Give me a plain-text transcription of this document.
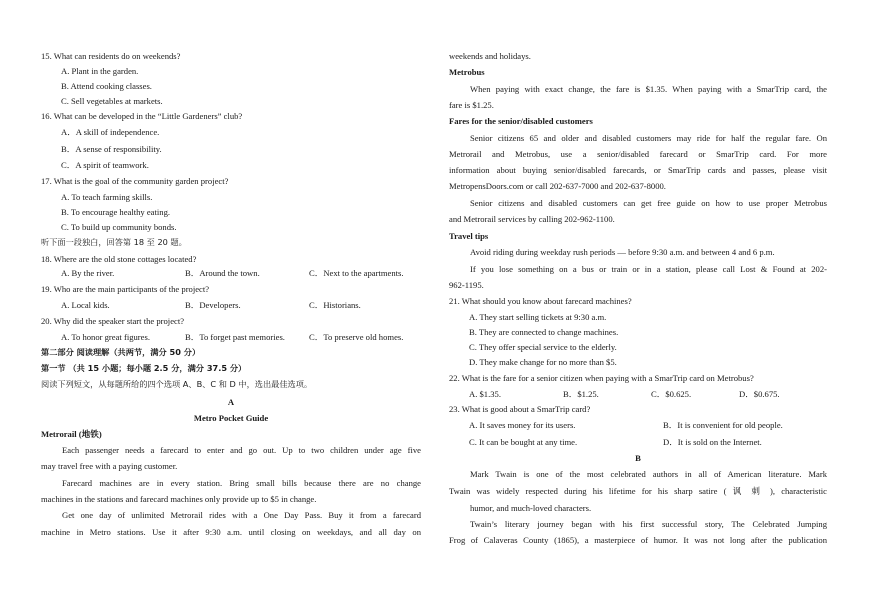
15. What can residents do on weekends?
A. Plant in the garden.
B. Attend cooking classes.
C. Sell vegetables at markets.
16. What can be developed in the “Little Gardeners” club?
A．A skill of independence.
B．A sense of responsibility.
C．A spirit of teamwork.
17. What is the goal of the community garden project?
A. To teach farming skills.
B. To encourage healthy eating.
C. To build up community bonds.
听下面一段独白，回答第 18 至 20 题。
18. Where are the old stone cottages located?
A. By the river.	B．Around the town.	C．Next to the apartments.
19. Who are the main participants of the project?
A. Local kids.	B．Developers.	C．Historians.
20. Why did the speaker start the project?
A. To honor great figures.	B．To forget past memories.	C．To preserve old homes.
第二部分 阅读理解（共两节，满分 50 分）
第一节 （共 15 小题；每小题 2.5 分，满分 37.5 分）
阅读下列短文，从每题所给的四个选项 A、B、C 和 D 中，选出最佳选项。
A
Metro Pocket Guide
Metrorail (地铁)
Each passenger needs a farecard to enter and go out. Up to two children under age five
may travel free with a paying customer.
Farecard machines are in every station. Bring small bills because there are no change
machines in the stations and farecard machines only provide up to $5 in change.
Get one day of unlimited Metrorail rides with a One Day Pass. Buy it from a farecard
machine in Metro stations. Use it after 9:30 a.m. until closing on weekdays, and all day on
weekends and holidays.
Metrobus
When paying with exact change, the fare is $1.35. When paying with a SmarTrip card, the
fare is $1.25.
Fares for the senior/disabled customers
Senior citizens 65 and older and disabled customers may ride for half the regular fare. On
Metrorail and Metrobus, use a senior/disabled farecard or SmarTrip card. For more
information about buying senior/disabled farecards, or SmarTrip cards and passes, please visit
MetropensDoors.com or call 202-637-7000 and 202-637-8000.
Senior citizens and disabled customers can get free guide on how to use proper Metrobus
and Metrorail services by calling 202-962-1100.
Travel tips
Avoid riding during weekday rush periods — before 9:30 a.m. and between 4 and 6 p.m.
If you lose something on a bus or train or in a station, please call Lost & Found at 202-
962-1195.
21. What should you know about farecard machines?
A. They start selling tickets at 9:30 a.m.
B. They are connected to change machines.
C. They offer special service to the elderly.
D. They make change for no more than $5.
22. What is the fare for a senior citizen when paying with a SmarTrip card on Metrobus?
A. $1.35.	B．$1.25.	C．$0.625.	D．$0.675.
23. What is good about a SmarTrip card?
A. It saves money for its users.	B．It is convenient for old people.
C. It can be bought at any time.	D．It is sold on the Internet.
B
Mark Twain is one of the most celebrated authors in all of American literature. Mark
Twain was widely respected during his lifetime for his sharp satire ( 讽 刺 ), characteristic
humor, and much-loved characters.
Twain’s literary journey began with his first successful story, The Celebrated Jumping
Frog of Calaveras County (1865), a masterpiece of humor. It was not long after the publication
